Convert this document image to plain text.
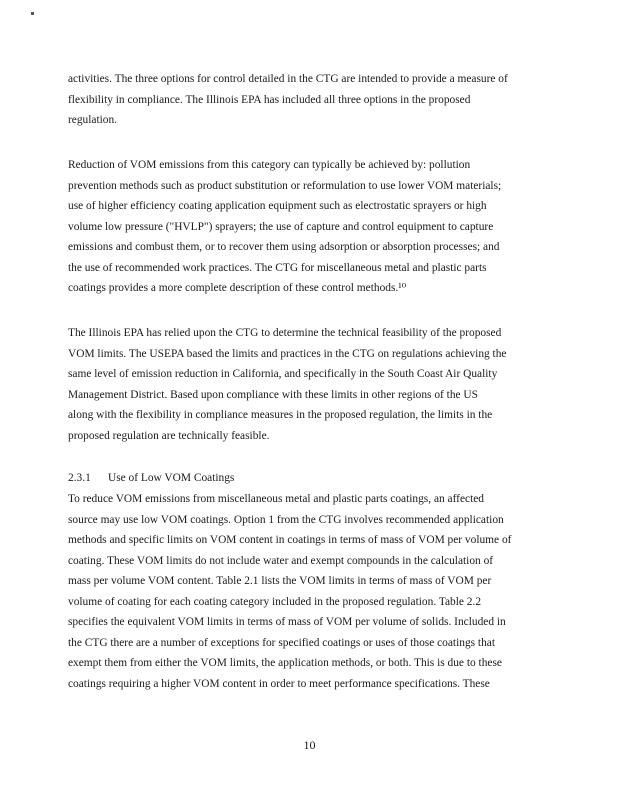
activities. The three options for control detailed in the CTG are intended to provide a measure of
flexibility in compliance. The Illinois EPA has included all three options in the proposed
regulation.

Reduction of VOM emissions from this category can typically be achieved by: pollution
prevention methods such as product substitution or reformulation to use lower VOM materials;
use of higher efficiency coating application equipment such as electrostatic sprayers or high
volume low pressure ("HVLP") sprayers; the use of capture and control equipment to capture
emissions and combust them, or to recover them using adsorption or absorption processes; and
the use of recommended work practices. The CTG for miscellaneous metal and plastic parts
coatings provides a more complete description of these control methods.¹⁰

The Illinois EPA has relied upon the CTG to determine the technical feasibility of the proposed
VOM limits. The USEPA based the limits and practices in the CTG on regulations achieving the
same level of emission reduction in California, and specifically in the South Coast Air Quality
Management District. Based upon compliance with these limits in other regions of the US
along with the flexibility in compliance measures in the proposed regulation, the limits in the
proposed regulation are technically feasible.

2.3.1 Use of Low VOM Coatings

To reduce VOM emissions from miscellaneous metal and plastic parts coatings, an affected
source may use low VOM coatings. Option 1 from the CTG involves recommended application
methods and specific limits on VOM content in coatings in terms of mass of VOM per volume of
coating. These VOM limits do not include water and exempt compounds in the calculation of
mass per volume VOM content. Table 2.1 lists the VOM limits in terms of mass of VOM per
volume of coating for each coating category included in the proposed regulation. Table 2.2
specifies the equivalent VOM limits in terms of mass of VOM per volume of solids. Included in
the CTG there are a number of exceptions for specified coatings or uses of those coatings that
exempt them from either the VOM limits, the application methods, or both. This is due to these
coatings requiring a higher VOM content in order to meet performance specifications. These

10
